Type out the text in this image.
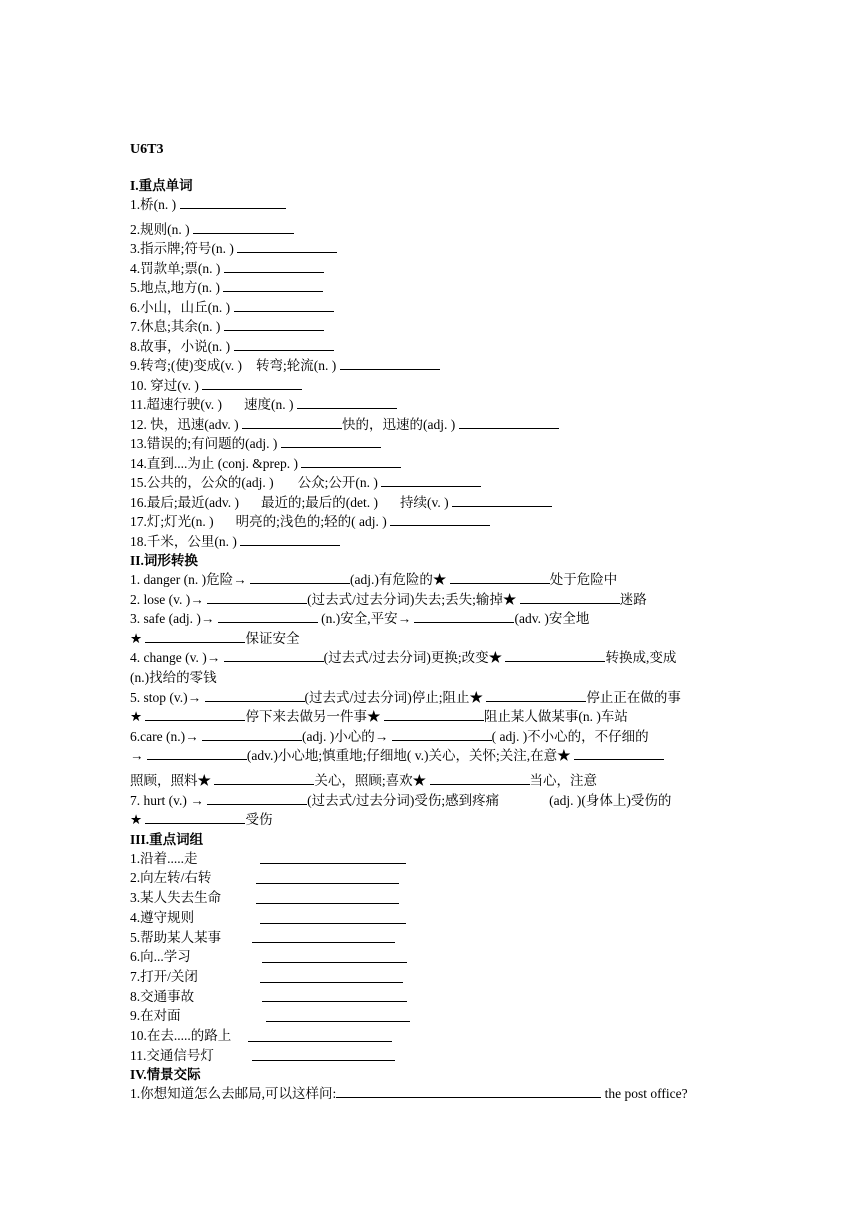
U6T3
I.重点单词
1.桥(n. )
2.规则(n. )
3.指示牌;符号(n. )
4.罚款单;票(n. )
5.地点,地方(n. )
6.小山，山丘(n. )
7.休息;其余(n. )
8.故事，小说(n. )
9.转弯;(使)变成(v. ) 转弯;轮流(n. )
10. 穿过(v. )
11.超速行驶(v. ) 速度(n. )
12. 快，迅速(adv. )	快的，迅速的(adj. )
13.错误的;有问题的(adj. )
14.直到....为止 (conj. &prep. )
15.公共的，公众的(adj. ) 公众;公开(n. )
16.最后;最近(adv. ) 最近的;最后的(det. ) 持续(v. )
17.灯;灯光(n. ) 明亮的;浅色的;轻的( adj. )
18.千米，公里(n. )
II.词形转换
1. danger (n. )危险→	(adj.)有危险的★	处于危险中
2. lose (v. )→	(过去式/过去分词)失去;丢失;输掉★	迷路
3. safe (adj. )→	(n.)安全,平安→	(adv. )安全地
★	保证安全
4. change (v. )→	(过去式/过去分词)更换;改变★	转换成,变成
(n.)找给的零钱
5. stop (v.)→	(过去式/过去分词)停止;阻止★	停止正在做的事
★	停下来去做另一件事★	阻止某人做某事(n. )车站
6.care (n.)→	(adj. )小心的→	( adj. )不小心的，不仔细的
→	(adv.)小心地;慎重地;仔细地( v.)关心，关怀;关注,在意★
照顾，照料★	关心，照顾;喜欢★	当心，注意
7. hurt (v.) →	(过去式/过去分词)受伤;感到疼痛	(adj. )(身体上)受伤的
★	受伤
III.重点词组
1.沿着.....走

2.向左转/右转

3.某人失去生命

4.遵守规则

5.帮助某人某事

6.向...学习

7.打开/关闭

8.交通事故

9.在对面

10.在去.....的路上

11.交通信号灯

IV.情景交际
1.你想知道怎么去邮局,可以这样问:	the post office?
